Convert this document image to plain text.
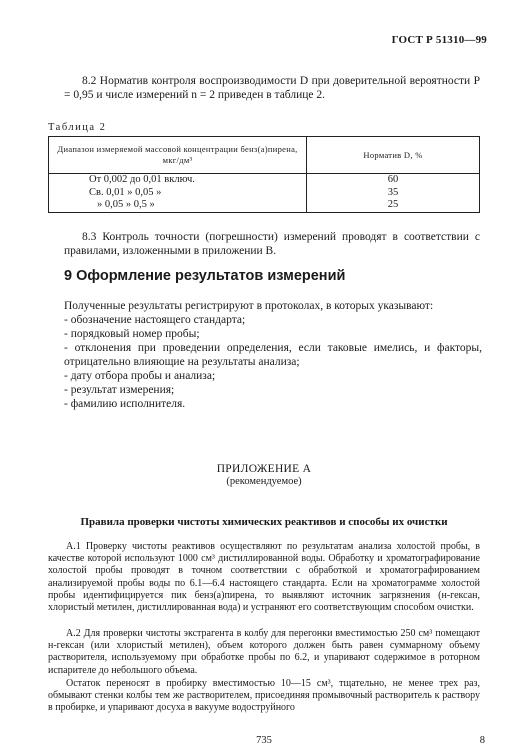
ГОСТ Р 51310—99
8.2 Норматив контроля воспроизводимости D при доверительной вероятности P = 0,95 и числе измерений n = 2 приведен в таблице 2.
Таблица 2
Диапазон измеряемой массовой концентрации бенз(а)пирена, мкг/дм³	Норматив D, %
От 0,002 до 0,01 включ.	60
Св. 0,01 » 0,05 »	35
» 0,05 » 0,5 »	25
8.3 Контроль точности (погрешности) измерений проводят в соответствии с правилами, изложенными в приложении В.
9 Оформление результатов измерений
Полученные результаты регистрируют в протоколах, в которых указывают:
- обозначение настоящего стандарта;
- порядковый номер пробы;
- отклонения при проведении определения, если таковые имелись, и факторы, отрицательно влияющие на результаты анализа;
- дату отбора пробы и анализа;
- результат измерения;
- фамилию исполнителя.
ПРИЛОЖЕНИЕ А
(рекомендуемое)
Правила проверки чистоты химических реактивов и способы их очистки
А.1 Проверку чистоты реактивов осуществляют по результатам анализа холостой пробы, в качестве которой используют 1000 см³ дистиллированной воды. Обработку и хроматографирование холостой пробы проводят в точном соответствии с обработкой и хроматографированием анализируемой пробы воды по 6.1—6.4 настоящего стандарта. Если на хроматограмме холостой пробы идентифицируется пик бенз(а)пирена, то выявляют источник загрязнения (н-гексан, хлористый метилен, дистиллированная вода) и устраняют его соответствующим способом очистки.
А.2 Для проверки чистоты экстрагента в колбу для перегонки вместимостью 250 см³ помещают н-гексан (или хлористый метилен), объем которого должен быть равен суммарному объему растворителя, используемому при обработке пробы по 6.2, и упаривают содержимое в роторном испарителе до небольшого объема.
Остаток переносят в пробирку вместимостью 10—15 см³, тщательно, не менее трех раз, обмывают стенки колбы тем же растворителем, присоединяя промывочный растворитель к раствору в пробирке, и упаривают досуха в вакууме водоструйного
735	8
